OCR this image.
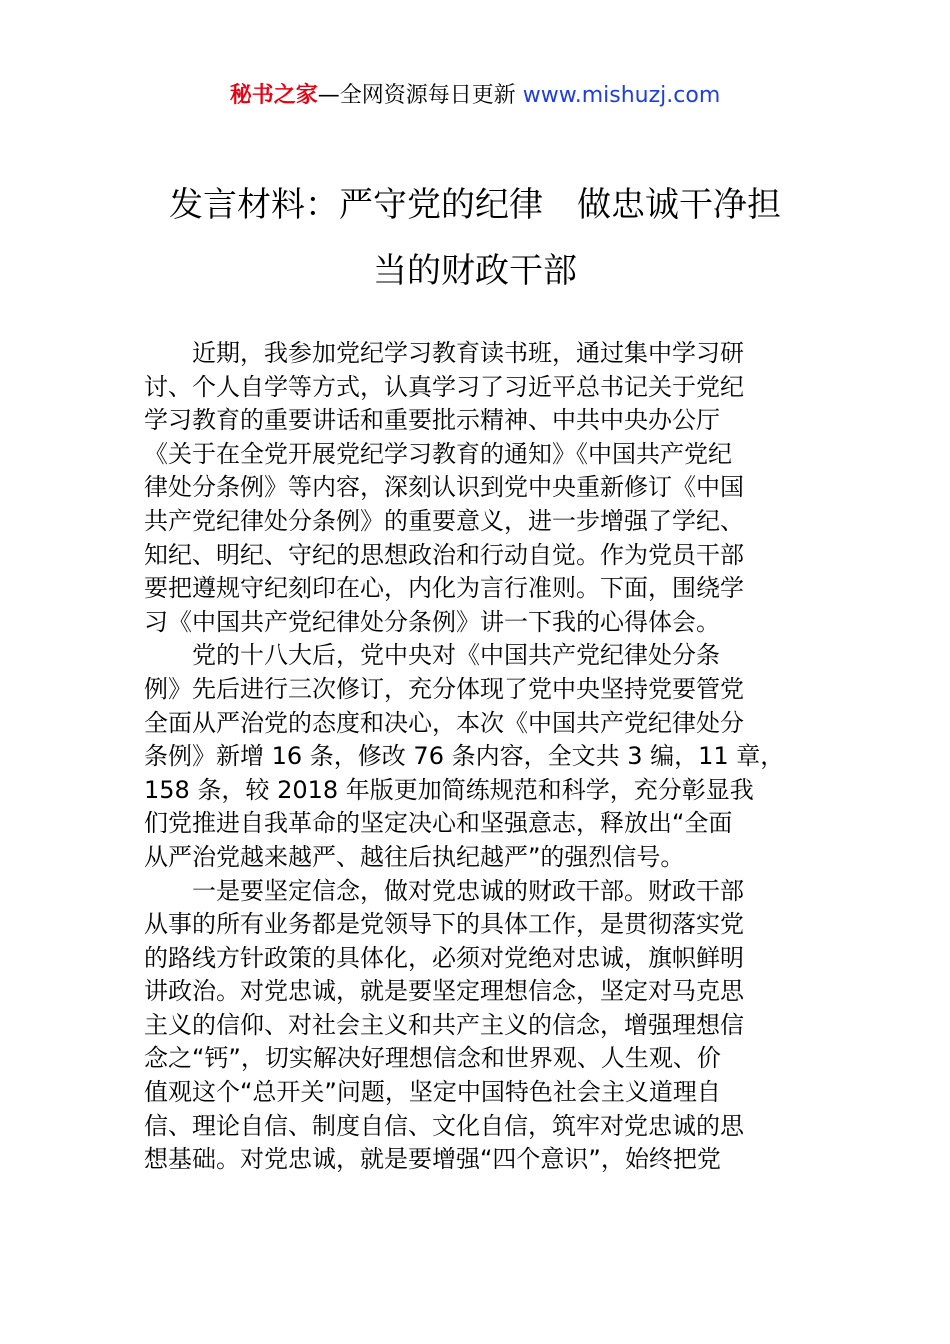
秘书之家—全网资源每日更新 www.mishuzj.com
发言材料：严守党的纪律　做忠诚干净担
当的财政干部
近期，我参加党纪学习教育读书班，通过集中学习研
讨、个人自学等方式，认真学习了习近平总书记关于党纪
学习教育的重要讲话和重要批示精神、中共中央办公厅
《关于在全党开展党纪学习教育的通知》《中国共产党纪
律处分条例》等内容，深刻认识到党中央重新修订《中国
共产党纪律处分条例》的重要意义，进一步增强了学纪、
知纪、明纪、守纪的思想政治和行动自觉。作为党员干部
要把遵规守纪刻印在心，内化为言行准则。下面，围绕学
习《中国共产党纪律处分条例》讲一下我的心得体会。
党的十八大后，党中央对《中国共产党纪律处分条
例》先后进行三次修订，充分体现了党中央坚持党要管党
全面从严治党的态度和决心，本次《中国共产党纪律处分
条例》新增 16 条，修改 76 条内容，全文共 3 编，11 章，
158 条，较 2018 年版更加简练规范和科学，充分彰显我
们党推进自我革命的坚定决心和坚强意志，释放出“全面
从严治党越来越严、越往后执纪越严”的强烈信号。
一是要坚定信念，做对党忠诚的财政干部。财政干部
从事的所有业务都是党领导下的具体工作，是贯彻落实党
的路线方针政策的具体化，必须对党绝对忠诚，旗帜鲜明
讲政治。对党忠诚，就是要坚定理想信念，坚定对马克思
主义的信仰、对社会主义和共产主义的信念，增强理想信
念之“钙”，切实解决好理想信念和世界观、人生观、价
值观这个“总开关”问题，坚定中国特色社会主义道理自
信、理论自信、制度自信、文化自信，筑牢对党忠诚的思
想基础。对党忠诚，就是要增强“四个意识”，始终把党
